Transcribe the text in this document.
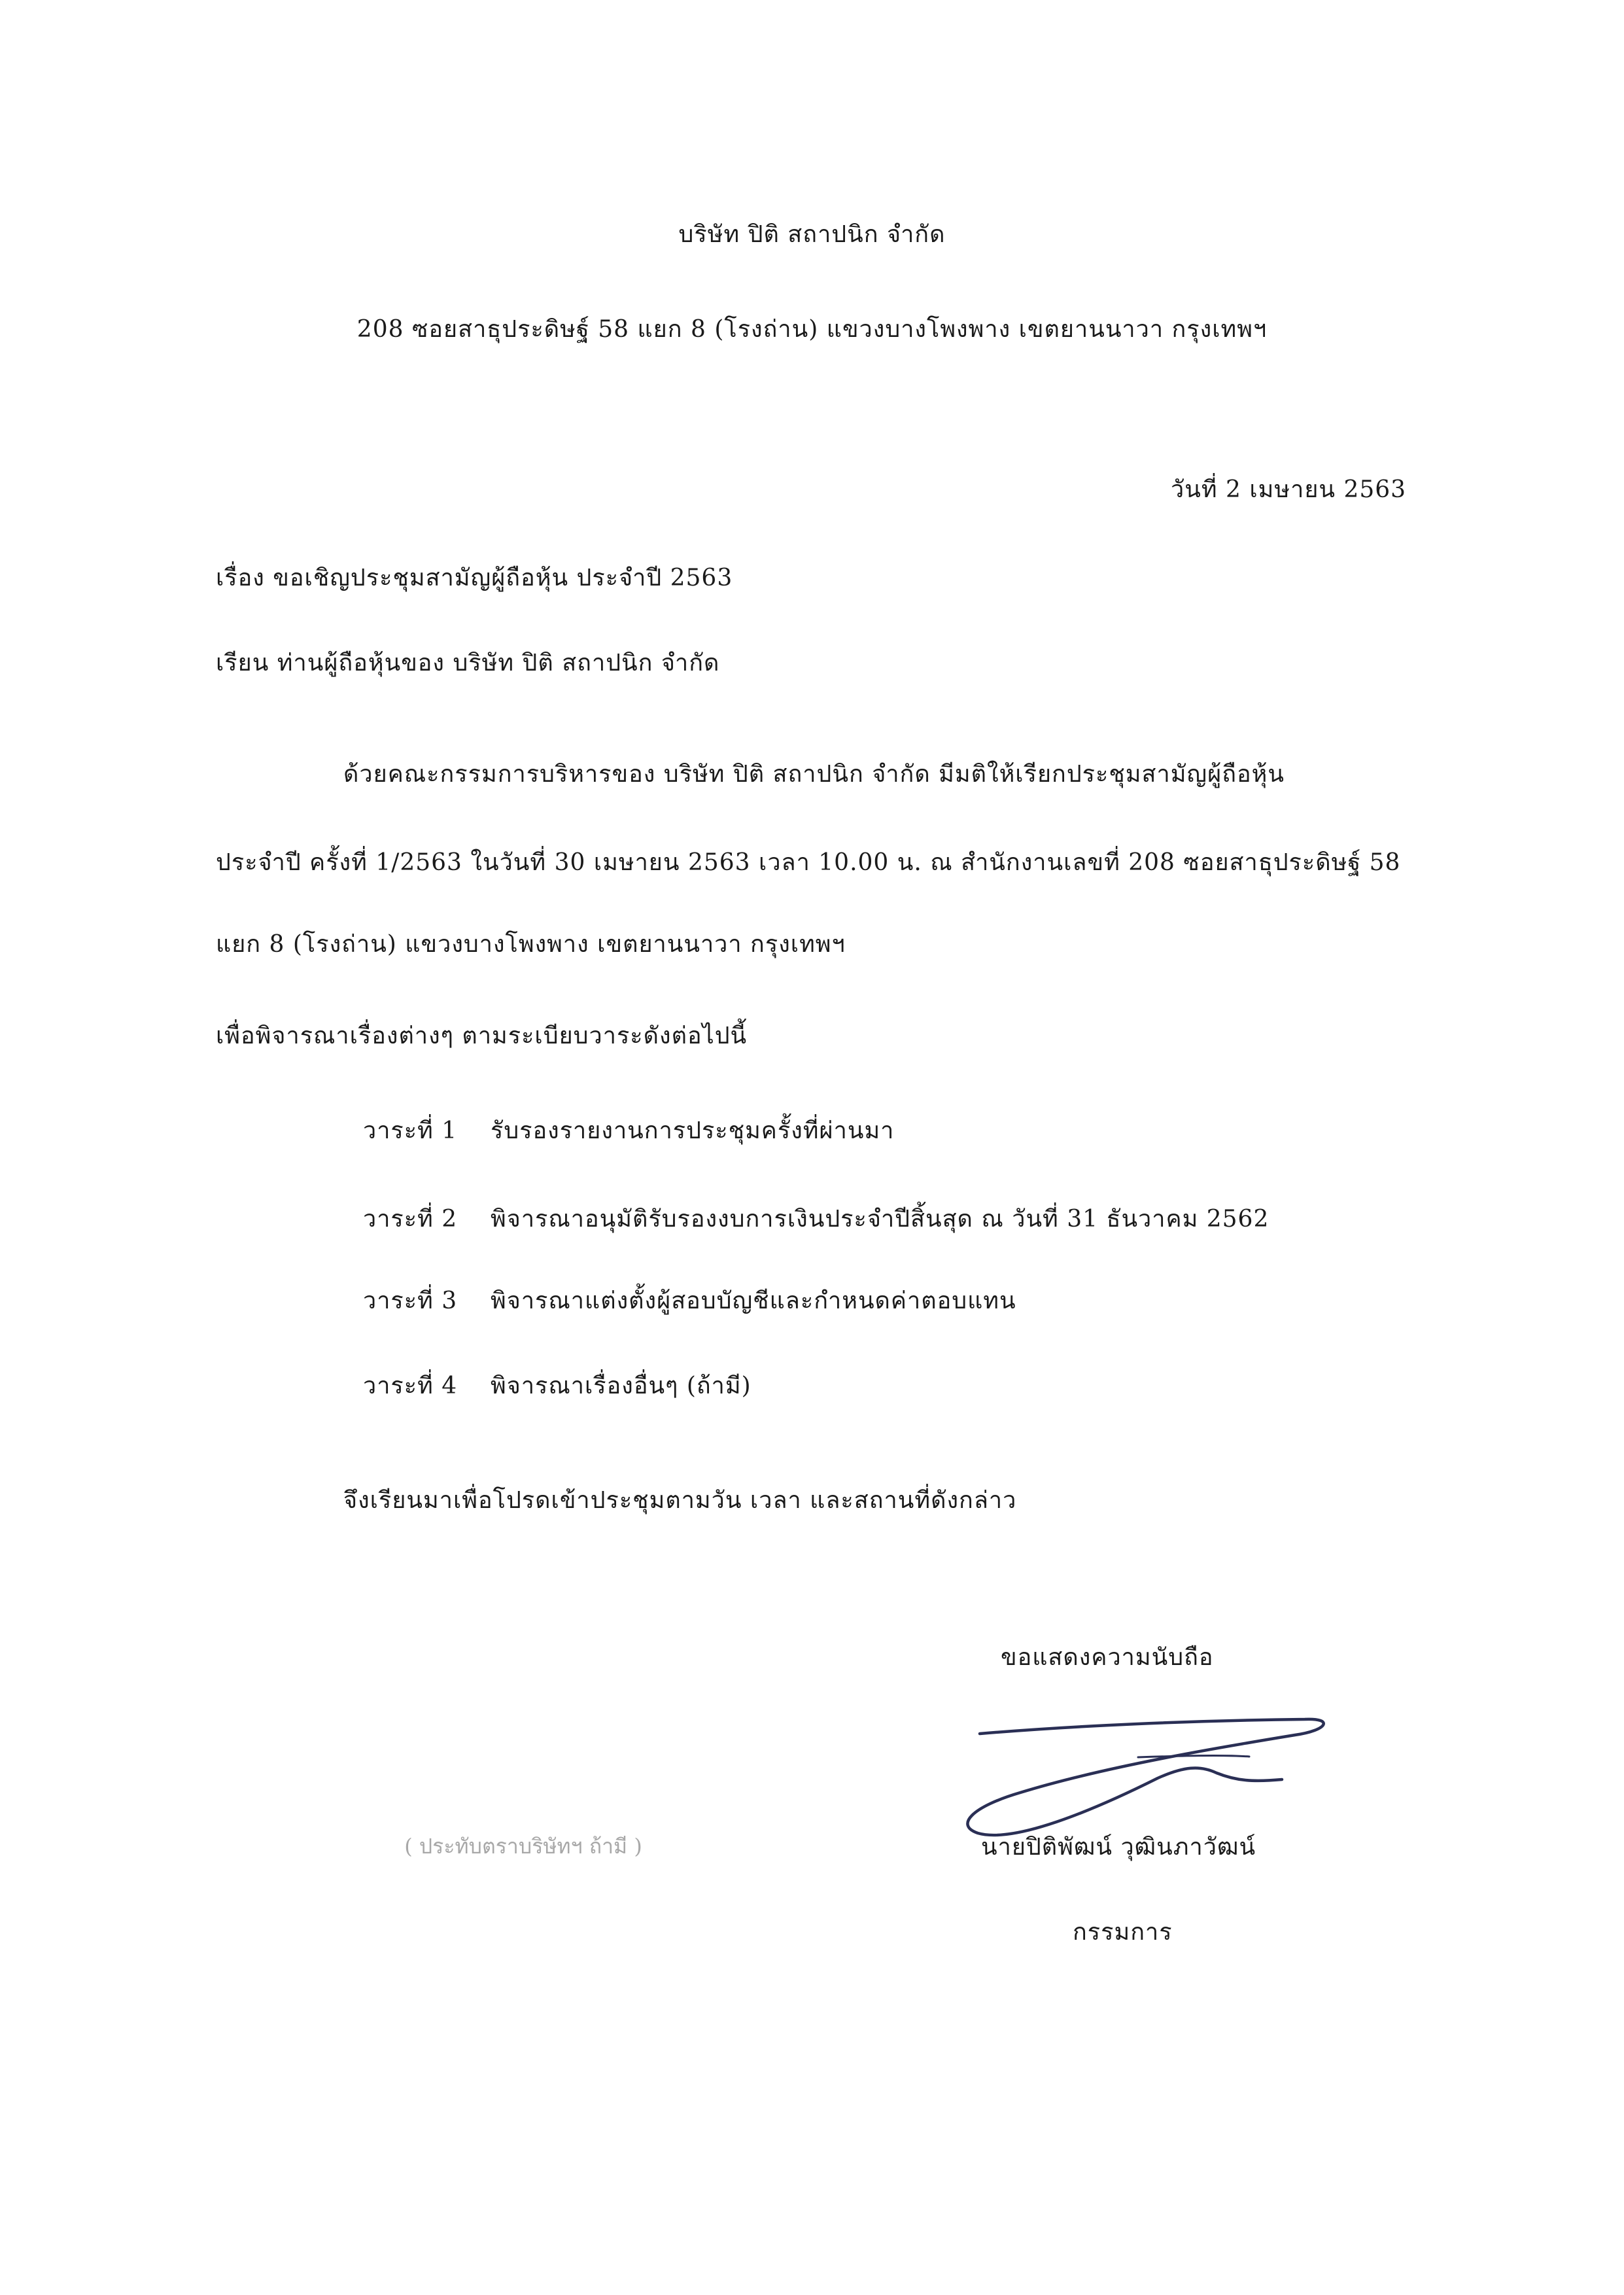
บริษัท ปิติ สถาปนิก จำกัด
208 ซอยสาธุประดิษฐ์ 58 แยก 8 (โรงถ่าน) แขวงบางโพงพาง เขตยานนาวา กรุงเทพฯ
วันที่ 2 เมษายน 2563
เรื่อง ขอเชิญประชุมสามัญผู้ถือหุ้น ประจำปี 2563
เรียน ท่านผู้ถือหุ้นของ บริษัท ปิติ สถาปนิก จำกัด
ด้วยคณะกรรมการบริหารของ บริษัท ปิติ สถาปนิก จำกัด มีมติให้เรียกประชุมสามัญผู้ถือหุ้น
ประจำปี ครั้งที่ 1/2563 ในวันที่ 30 เมษายน 2563 เวลา 10.00 น. ณ สำนักงานเลขที่ 208 ซอยสาธุประดิษฐ์ 58
แยก 8 (โรงถ่าน) แขวงบางโพงพาง เขตยานนาวา กรุงเทพฯ
เพื่อพิจารณาเรื่องต่างๆ ตามระเบียบวาระดังต่อไปนี้
วาระที่ 1 รับรองรายงานการประชุมครั้งที่ผ่านมา
วาระที่ 2 พิจารณาอนุมัติรับรองงบการเงินประจำปีสิ้นสุด ณ วันที่ 31 ธันวาคม 2562
วาระที่ 3 พิจารณาแต่งตั้งผู้สอบบัญชีและกำหนดค่าตอบแทน
วาระที่ 4 พิจารณาเรื่องอื่นๆ (ถ้ามี)
จึงเรียนมาเพื่อโปรดเข้าประชุมตามวัน เวลา และสถานที่ดังกล่าว
ขอแสดงความนับถือ
( ประทับตราบริษัทฯ ถ้ามี )	นายปิติพัฒน์ วุฒินภาวัฒน์
กรรมการ
